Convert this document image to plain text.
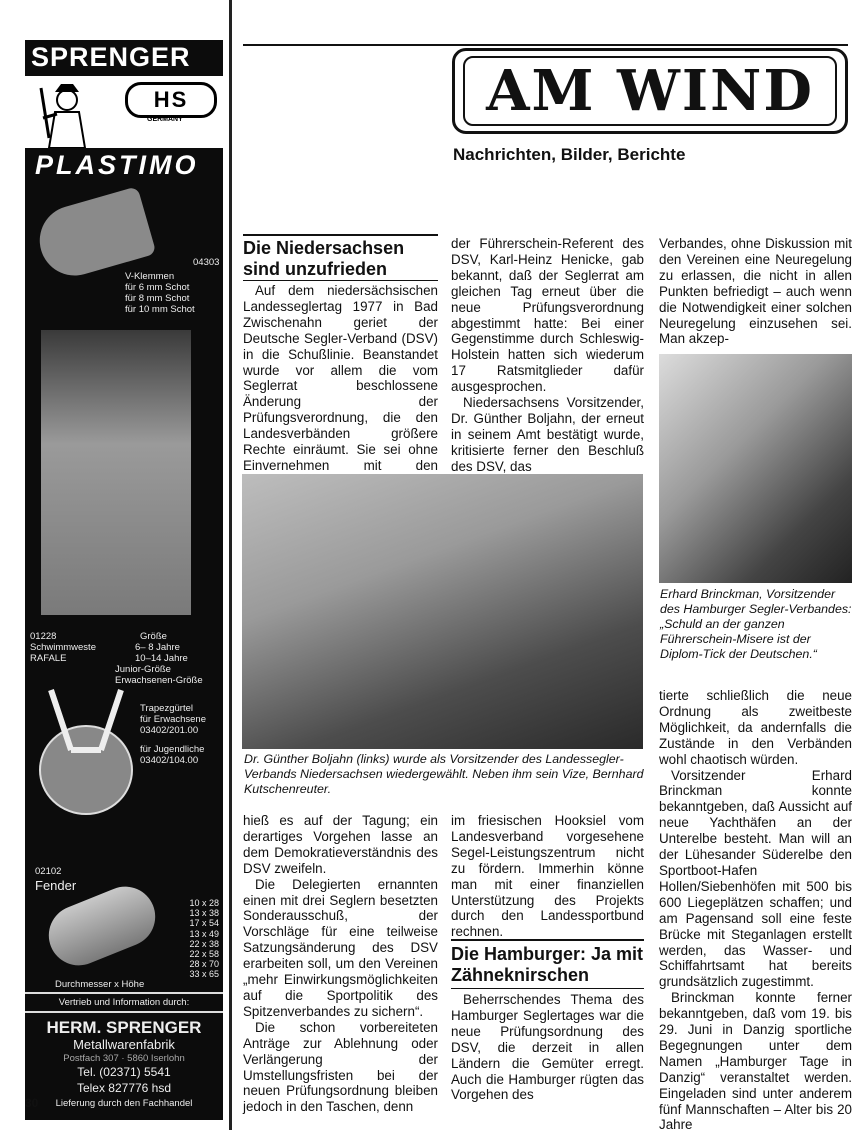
SPRENGER
HS
GERMANY
PLASTIMO
04303
V-Klemmen
für 6 mm Schot
für 8 mm Schot
für 10 mm Schot
01228	Größe
Schwimmweste	6– 8 Jahre
RAFALE	10–14 Jahre
Junior-Größe
Erwachsenen-Größe
Trapezgürtel
für Erwachsene
03402/201.00
für Jugendliche
03402/104.00
02102
Fender
10 x 28
13 x 38
17 x 54
13 x 49
22 x 38
22 x 58
28 x 70
33 x 65
Durchmesser x Höhe
Vertrieb und Information durch:
HERM. SPRENGER
Metallwarenfabrik
Postfach 307 · 5860 Iserlohn
Tel. (02371) 5541
Telex 827776 hsd
Lieferung durch den Fachhandel
30
AM WIND
Nachrichten, Bilder, Berichte
Die Niedersachsen sind unzufrieden

Auf dem niedersächsischen Landesseglertag 1977 in Bad Zwischenahn geriet der Deutsche Segler-Verband (DSV) in die Schußlinie. Beanstandet wurde vor allem die vom Seglerrat beschlossene Änderung der Prüfungsverordnung, die den Landesverbänden größere Rechte einräumt. Sie sei ohne Einvernehmen mit den

der Führerschein-Referent des DSV, Karl-Heinz Henicke, gab bekannt, daß der Seglerrat am gleichen Tag erneut über die neue Prüfungsverordnung abgestimmt hatte: Bei einer Gegenstimme durch Schleswig-Holstein hatten sich wiederum 17 Ratsmitglieder dafür ausgesprochen.

Niedersachsens Vorsitzender, Dr. Günther Boljahn, der erneut in seinem Amt bestätigt wurde, kritisierte ferner den Beschluß des DSV, das

Verbandes, ohne Diskussion mit den Vereinen eine Neuregelung zu erlassen, die nicht in allen Punkten befriedigt – auch wenn die Notwendigkeit einer solchen Neuregelung einzusehen sei. Man akzep-

Dr. Günther Boljahn (links) wurde als Vorsitzender des Landessegler-Verbands Niedersachsen wiedergewählt. Neben ihm sein Vize, Bernhard Kutschenreuter.

hieß es auf der Tagung; ein derartiges Vorgehen lasse an dem Demokratieverständnis des DSV zweifeln.

Die Delegierten ernannten einen mit drei Seglern besetzten Sonderausschuß, der Vorschläge für eine teilweise Satzungsänderung des DSV erarbeiten soll, um den Vereinen „mehr Einwirkungsmöglichkeiten auf die Sportpolitik des Spitzenverbandes zu sichern“.

Die schon vorbereiteten Anträge zur Ablehnung oder Verlängerung der Umstellungsfristen bei der neuen Prüfungsordnung bleiben jedoch in den Taschen, denn

im friesischen Hooksiel vom Landesverband vorgesehene Segel-Leistungszentrum nicht zu fördern. Immerhin könne man mit einer finanziellen Unterstützung des Projekts durch den Landessportbund rechnen.

Die Hamburger: Ja mit Zähneknirschen

Beherrschendes Thema des Hamburger Seglertages war die neue Prüfungsordnung des DSV, die derzeit in allen Ländern die Gemüter erregt. Auch die Hamburger rügten das Vorgehen des

Erhard Brinckman, Vorsitzender des Hamburger Segler-Verbandes: „Schuld an der ganzen Führerschein-Misere ist der Diplom-Tick der Deutschen.“

tierte schließlich die neue Ordnung als zweitbeste Möglichkeit, da andernfalls die Zustände in den Verbänden wohl chaotisch würden.

Vorsitzender Erhard Brinckman konnte bekanntgeben, daß Aussicht auf neue Yachthäfen an der Unterelbe besteht. Man will an der Lühesander Süderelbe den Sportboot-Hafen Hollen/Siebenhöfen mit 500 bis 600 Liegeplätzen schaffen; und am Pagensand soll eine feste Brücke mit Steganlagen erstellt werden, das Wasser- und Schiffahrtsamt hat bereits grundsätzlich zugestimmt.

Brinckman konnte ferner bekanntgeben, daß vom 19. bis 29. Juni in Danzig sportliche Begegnungen unter dem Namen „Hamburger Tage in Danzig“ veranstaltet werden. Eingeladen sind unter anderem fünf Mannschaften – Alter bis 20 Jahre
